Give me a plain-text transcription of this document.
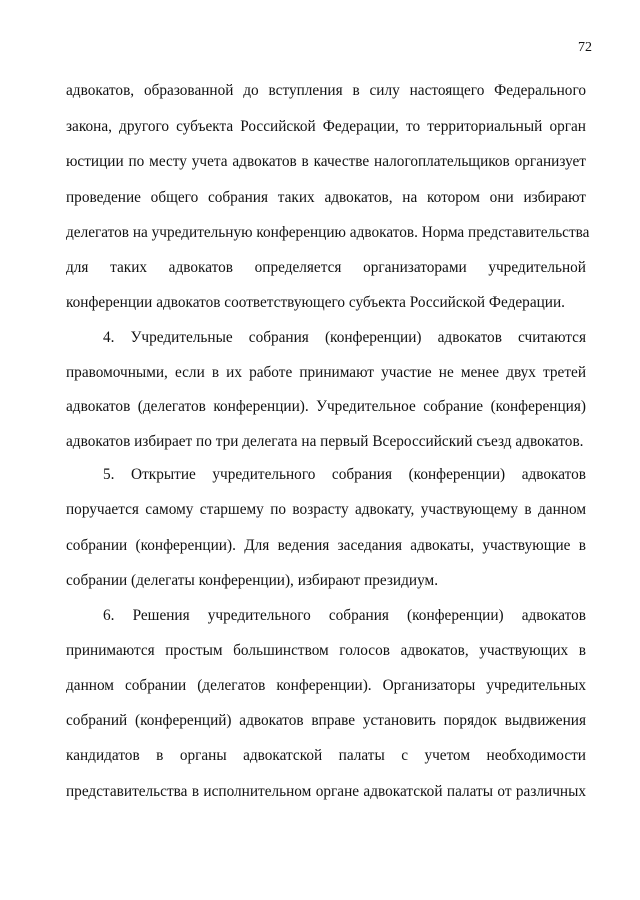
72
адвокатов, образованной до вступления в силу настоящего Федерального
закона, другого субъекта Российской Федерации, то территориальный орган
юстиции по месту учета адвокатов в качестве налогоплательщиков организует
проведение общего собрания таких адвокатов, на котором они избирают
делегатов на учредительную конференцию адвокатов. Норма представительства
для таких адвокатов определяется организаторами учредительной
конференции адвокатов соответствующего субъекта Российской Федерации.
4. Учредительные собрания (конференции) адвокатов считаются
правомочными, если в их работе принимают участие не менее двух третей
адвокатов (делегатов конференции). Учредительное собрание (конференция)
адвокатов избирает по три делегата на первый Всероссийский съезд адвокатов.
5. Открытие учредительного собрания (конференции) адвокатов
поручается самому старшему по возрасту адвокату, участвующему в данном
собрании (конференции). Для ведения заседания адвокаты, участвующие в
собрании (делегаты конференции), избирают президиум.
6. Решения учредительного собрания (конференции) адвокатов
принимаются простым большинством голосов адвокатов, участвующих в
данном собрании (делегатов конференции). Организаторы учредительных
собраний (конференций) адвокатов вправе установить порядок выдвижения
кандидатов в органы адвокатской палаты с учетом необходимости
представительства в исполнительном органе адвокатской палаты от различных
